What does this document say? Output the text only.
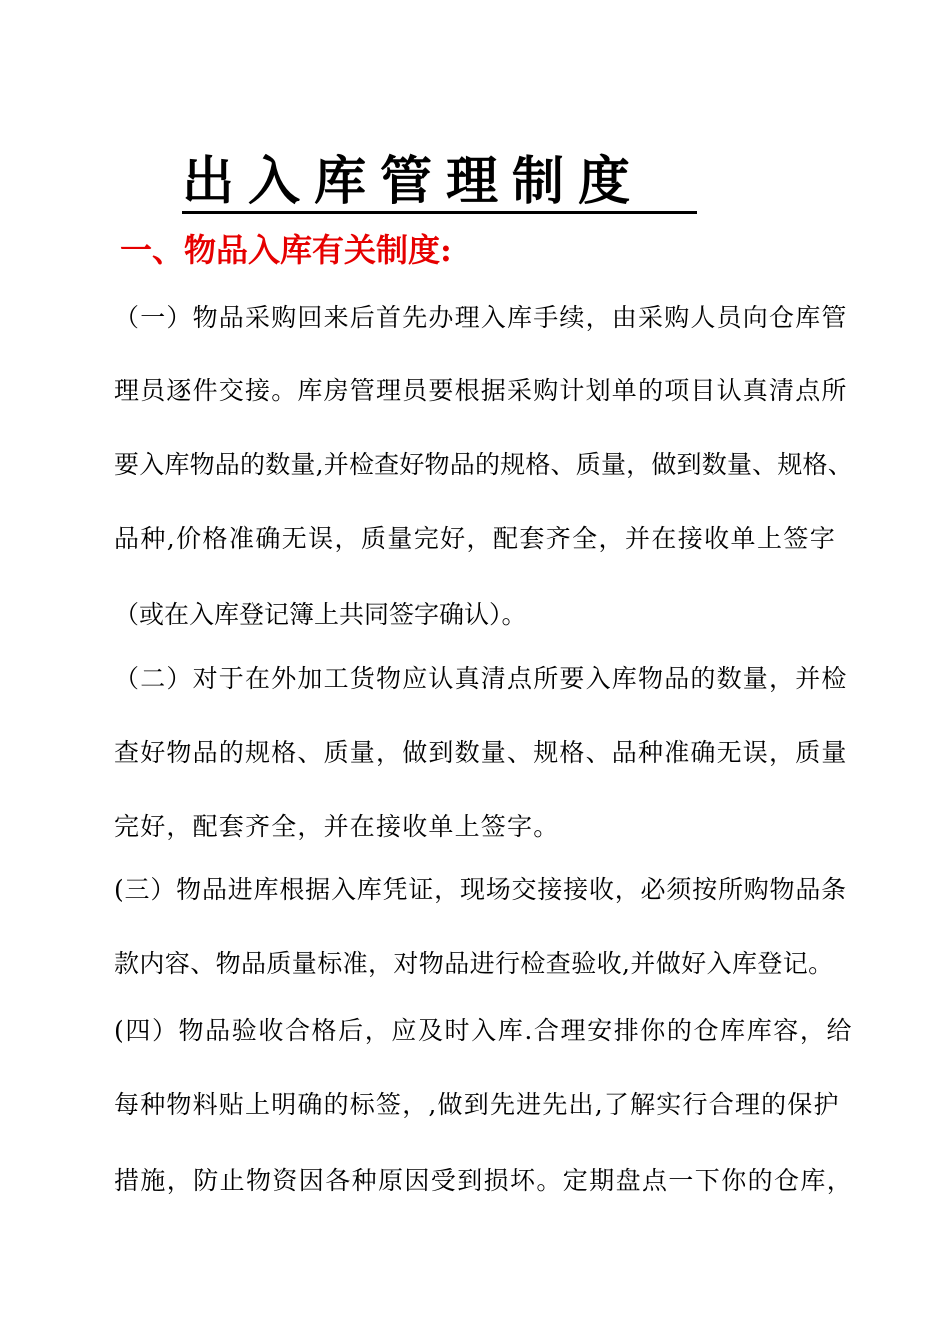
出入库管理制度
一、物品入库有关制度:

（一）物品采购回来后首先办理入库手续，由采购人员向仓库管

理员逐件交接。库房管理员要根据采购计划单的项目认真清点所

要入库物品的数量,并检查好物品的规格、质量，做到数量、规格、

品种,价格准确无误，质量完好，配套齐全，并在接收单上签字

（或在入库登记簿上共同签字确认）。

（二）对于在外加工货物应认真清点所要入库物品的数量，并检

查好物品的规格、质量，做到数量、规格、品种准确无误，质量

完好，配套齐全，并在接收单上签字。

(三）物品进库根据入库凭证，现场交接接收，必须按所购物品条

款内容、物品质量标准，对物品进行检查验收,并做好入库登记。

(四）物品验收合格后，应及时入库.合理安排你的仓库库容，给

每种物料贴上明确的标签，,做到先进先出,了解实行合理的保护

措施，防止物资因各种原因受到损坏。定期盘点一下你的仓库，
